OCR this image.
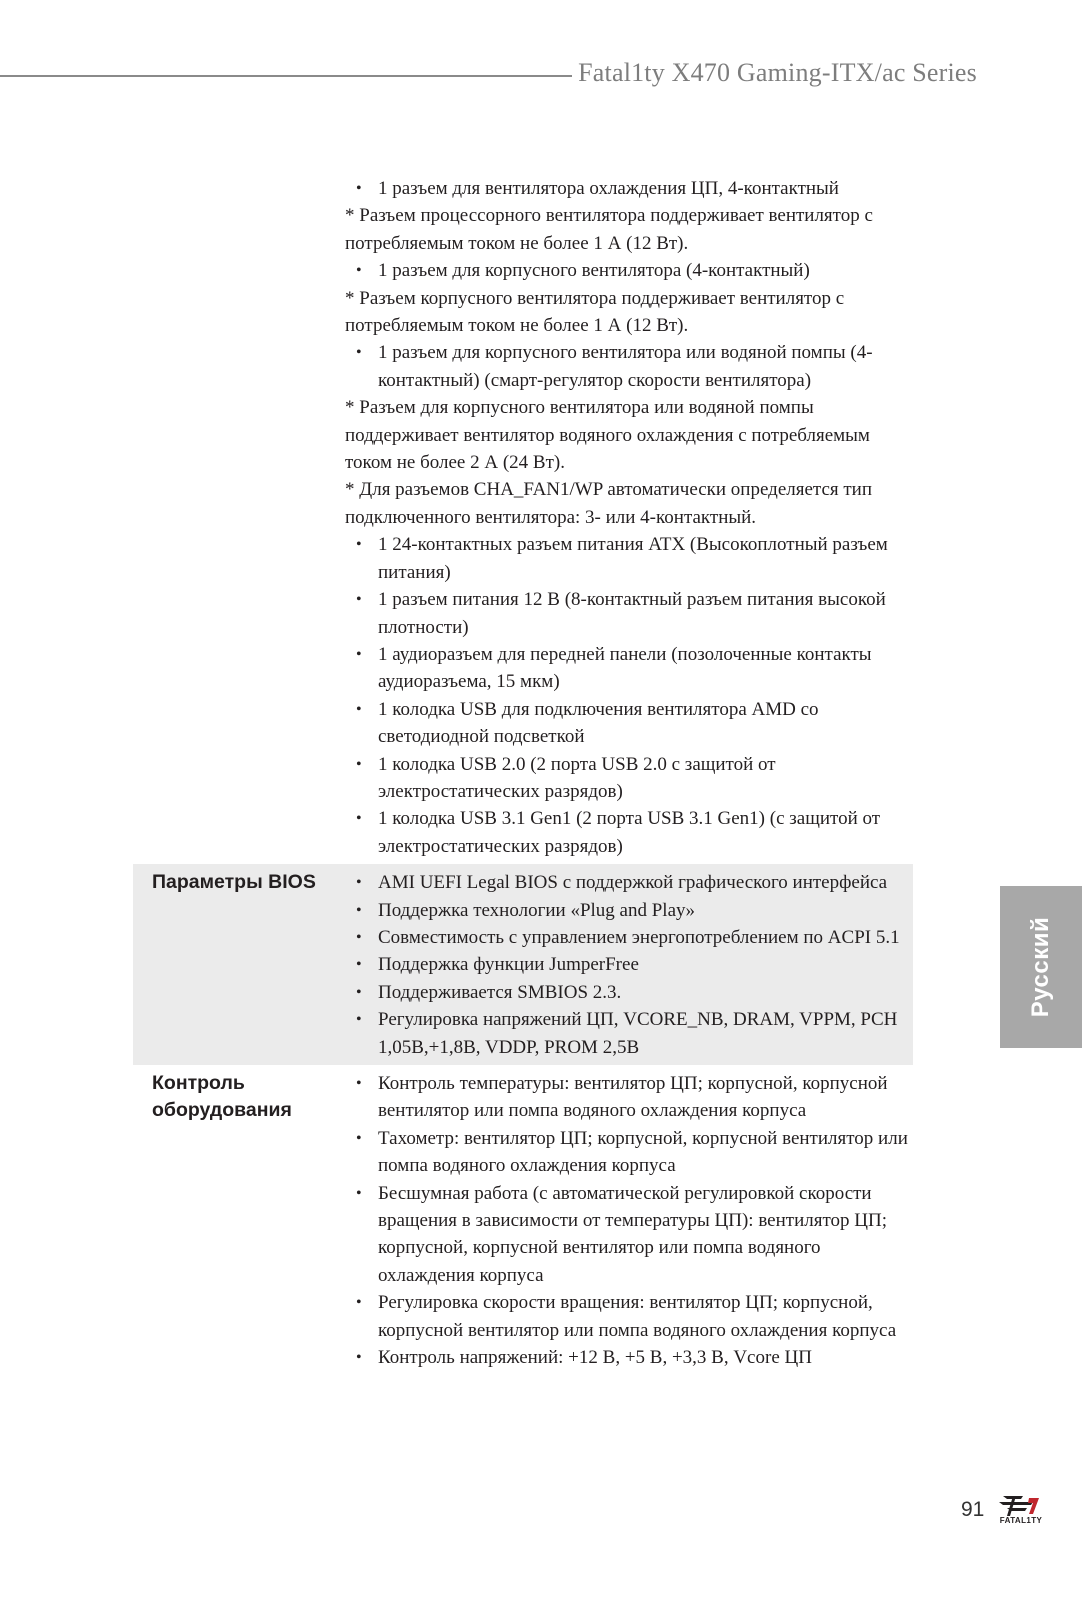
Fatal1ty X470 Gaming-ITX/ac Series
• 1 разъем для вентилятора охлаждения ЦП, 4-контактный
* Разъем процессорного вентилятора поддерживает вентилятор с потребляемым током не более 1 А (12 Вт).
• 1 разъем для корпусного вентилятора (4-контактный)
* Разъем корпусного вентилятора поддерживает вентилятор с потребляемым током не более 1 А (12 Вт).
• 1 разъем для корпусного вентилятора или водяной помпы (4-контактный) (смарт-регулятор скорости вентилятора)
* Разъем для корпусного вентилятора или водяной помпы поддерживает вентилятор водяного охлаждения с потребляемым током не более 2 А (24 Вт).
* Для разъемов CHA_FAN1/WP автоматически определяется тип подключенного вентилятора: 3- или 4-контактный.
• 1 24-контактных разъем питания ATX (Высокоплотный разъем питания)
• 1 разъем питания 12 В (8-контактный разъем питания высокой плотности)
• 1 аудиоразъем для передней панели (позолоченные контакты аудиоразъема, 15 мкм)
• 1 колодка USB для подключения вентилятора AMD со светодиодной подсветкой
• 1 колодка USB 2.0 (2 порта USB 2.0 с защитой от электростатических разрядов)
• 1 колодка USB 3.1 Gen1 (2 порта USB 3.1 Gen1) (с защитой от электростатических разрядов)
Параметры BIOS	• AMI UEFI Legal BIOS с поддержкой графического интерфейса
• Поддержка технологии «Plug and Play»
• Совместимость с управлением энергопотреблением по ACPI 5.1
• Поддержка функции JumperFree
• Поддерживается SMBIOS 2.3.
• Регулировка напряжений ЦП, VCORE_NB, DRAM, VPPM, PCH 1,05B,+1,8B, VDDP, PROM 2,5B
Контроль оборудования
• Контроль температуры: вентилятор ЦП; корпусной, корпусной вентилятор или помпа водяного охлаждения корпуса
• Тахометр: вентилятор ЦП; корпусной, корпусной вентилятор или помпа водяного охлаждения корпуса
• Бесшумная работа (с автоматической регулировкой скорости вращения в зависимости от температуры ЦП): вентилятор ЦП; корпусной, корпусной вентилятор или помпа водяного охлаждения корпуса
• Регулировка скорости вращения: вентилятор ЦП; корпусной, корпусной вентилятор или помпа водяного охлаждения корпуса
• Контроль напряжений: +12 В, +5 В, +3,3 В, Vcore ЦП
Русский
91	FATAL1TY
